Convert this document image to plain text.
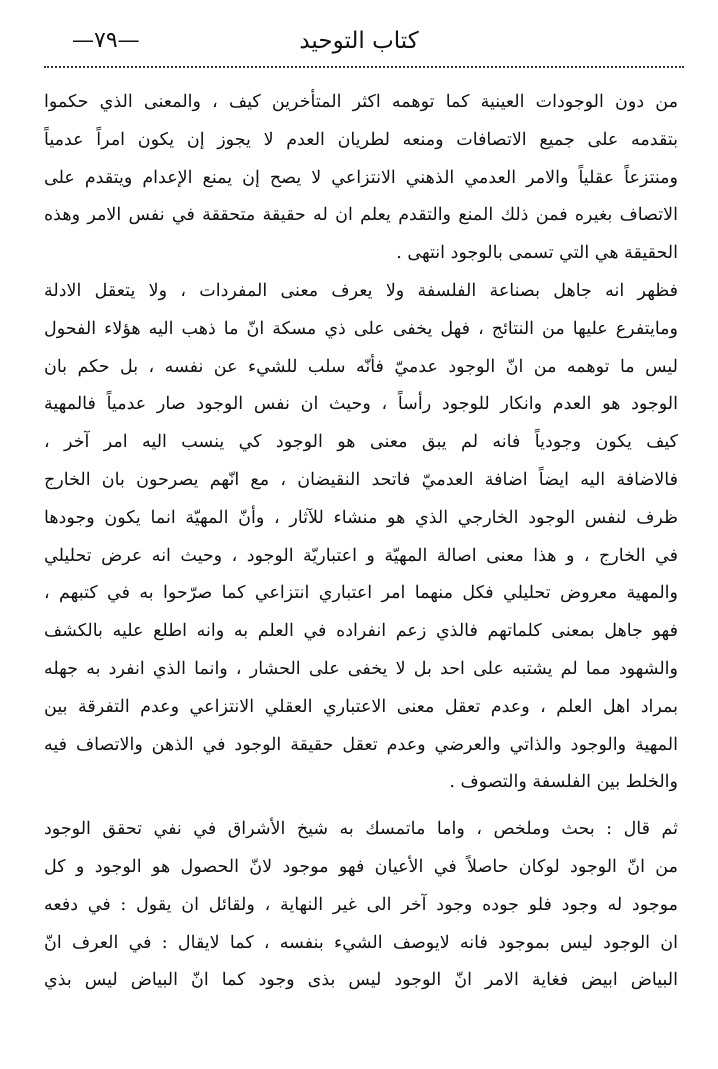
كتاب التوحيد
—٧٩—
من دون الوجودات العينية كما توهمه اكثر المتأخرين كيف ، والمعنى الذي حكموا
بتقدمه على جميع الاتصافات ومنعه لطريان العدم لا يجوز إن يكون امراً عدمياً
ومنتزعاً عقلياً والامر العدمي الذهني الانتزاعي لا يصح إن يمنع الإعدام ويتقدم على
الاتصاف بغيره فمن ذلك المنع والتقدم يعلم ان له حقيقة متحققة في نفس الامر وهذه
الحقيقة هي التي تسمى بالوجود انتهى .
فظهر انه جاهل بصناعة الفلسفة ولا يعرف معنى المفردات ، ولا يتعقل الادلة
ومايتفرع عليها من النتائج ، فهل يخفى على ذي مسكة انّ ما ذهب اليه هؤلاء الفحول
ليس ما توهمه من انّ الوجود عدميّ فأنّه سلب للشيء عن نفسه ، بل حكم بان
الوجود هو العدم وانكار للوجود رأساً ، وحيث ان نفس الوجود صار عدمياً فالمهية
كيف يكون وجودياً فانه لم يبق معنى هو الوجود كي ينسب اليه امر آخر ،
فالاضافة اليه ايضاً اضافة العدميّ فاتحد النقيضان ، مع انّهم يصرحون بان الخارج
ظرف لنفس الوجود الخارجي الذي هو منشاء للآثار ، وأنّ المهيّة انما يكون وجودها
في الخارج ، و هذا معنى اصالة المهيّة و اعتباريّة الوجود ، وحيث انه عرض تحليلي
والمهية معروض تحليلي فكل منهما امر اعتباري انتزاعي كما صرّحوا به في كتبهم ،
فهو جاهل بمعنى كلماتهم فالذي زعم انفراده في العلم به وانه اطلع عليه بالكشف
والشهود مما لم يشتبه على احد بل لا يخفى على الحشار ، وانما الذي انفرد به جهله
بمراد اهل العلم ، وعدم تعقل معنى الاعتباري العقلي الانتزاعي وعدم التفرقة بين
المهية والوجود والذاتي والعرضي وعدم تعقل حقيقة الوجود في الذهن والاتصاف فيه
والخلط بين الفلسفة والتصوف .
ثم قال : بحث وملخص ، واما ماتمسك به شيخ الأشراق في نفي تحقق الوجود
من انّ الوجود لوكان حاصلاً في الأعيان فهو موجود لانّ الحصول هو الوجود و كل
موجود له وجود فلو جوده وجود آخر الى غير النهاية ، ولقائل ان يقول : في دفعه
ان الوجود ليس بموجود فانه لايوصف الشيء بنفسه ، كما لايقال : في العرف انّ
البياض ابيض فغاية الامر انّ الوجود ليس بذى وجود كما انّ البياض ليس بذي
